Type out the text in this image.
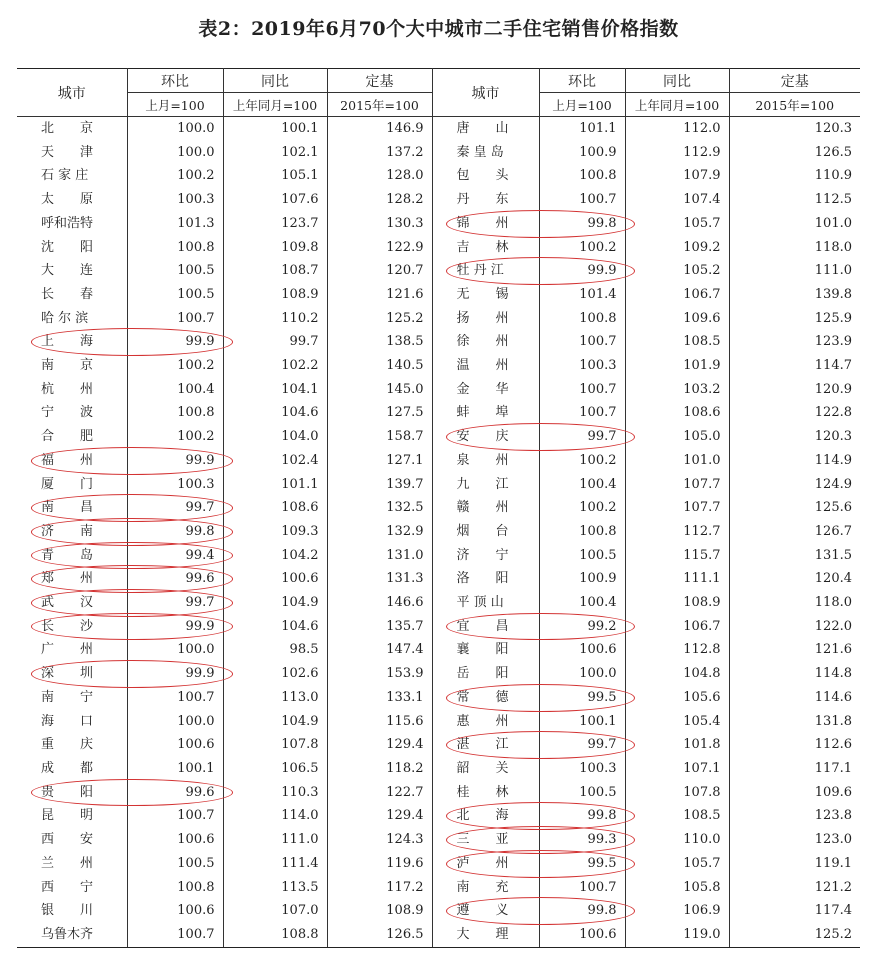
表2：2019年6月70个大中城市二手住宅销售价格指数
城市	环比	同比	定基	城市	环比	同比	定基
	上月=100	上年同月=100	2015年=100		上月=100	上年同月=100	2015年=100
北　　京	100.0	100.1	146.9	唐　　山	101.1	112.0	120.3
天　　津	100.0	102.1	137.2	秦 皇 岛	100.9	112.9	126.5
石 家 庄	100.2	105.1	128.0	包　　头	100.8	107.9	110.9
太　　原	100.3	107.6	128.2	丹　　东	100.7	107.4	112.5
呼和浩特	101.3	123.7	130.3	锦　　州	99.8	105.7	101.0
沈　　阳	100.8	109.8	122.9	吉　　林	100.2	109.2	118.0
大　　连	100.5	108.7	120.7	牡 丹 江	99.9	105.2	111.0
长　　春	100.5	108.9	121.6	无　　锡	101.4	106.7	139.8
哈 尔 滨	100.7	110.2	125.2	扬　　州	100.8	109.6	125.9
上　　海	99.9	99.7	138.5	徐　　州	100.7	108.5	123.9
南　　京	100.2	102.2	140.5	温　　州	100.3	101.9	114.7
杭　　州	100.4	104.1	145.0	金　　华	100.7	103.2	120.9
宁　　波	100.8	104.6	127.5	蚌　　埠	100.7	108.6	122.8
合　　肥	100.2	104.0	158.7	安　　庆	99.7	105.0	120.3
福　　州	99.9	102.4	127.1	泉　　州	100.2	101.0	114.9
厦　　门	100.3	101.1	139.7	九　　江	100.4	107.7	124.9
南　　昌	99.7	108.6	132.5	赣　　州	100.2	107.7	125.6
济　　南	99.8	109.3	132.9	烟　　台	100.8	112.7	126.7
青　　岛	99.4	104.2	131.0	济　　宁	100.5	115.7	131.5
郑　　州	99.6	100.6	131.3	洛　　阳	100.9	111.1	120.4
武　　汉	99.7	104.9	146.6	平 顶 山	100.4	108.9	118.0
长　　沙	99.9	104.6	135.7	宜　　昌	99.2	106.7	122.0
广　　州	100.0	98.5	147.4	襄　　阳	100.6	112.8	121.6
深　　圳	99.9	102.6	153.9	岳　　阳	100.0	104.8	114.8
南　　宁	100.7	113.0	133.1	常　　德	99.5	105.6	114.6
海　　口	100.0	104.9	115.6	惠　　州	100.1	105.4	131.8
重　　庆	100.6	107.8	129.4	湛　　江	99.7	101.8	112.6
成　　都	100.1	106.5	118.2	韶　　关	100.3	107.1	117.1
贵　　阳	99.6	110.3	122.7	桂　　林	100.5	107.8	109.6
昆　　明	100.7	114.0	129.4	北　　海	99.8	108.5	123.8
西　　安	100.6	111.0	124.3	三　　亚	99.3	110.0	123.0
兰　　州	100.5	111.4	119.6	泸　　州	99.5	105.7	119.1
西　　宁	100.8	113.5	117.2	南　　充	100.7	105.8	121.2
银　　川	100.6	107.0	108.9	遵　　义	99.8	106.9	117.4
乌鲁木齐	100.7	108.8	126.5	大　　理	100.6	119.0	125.2
